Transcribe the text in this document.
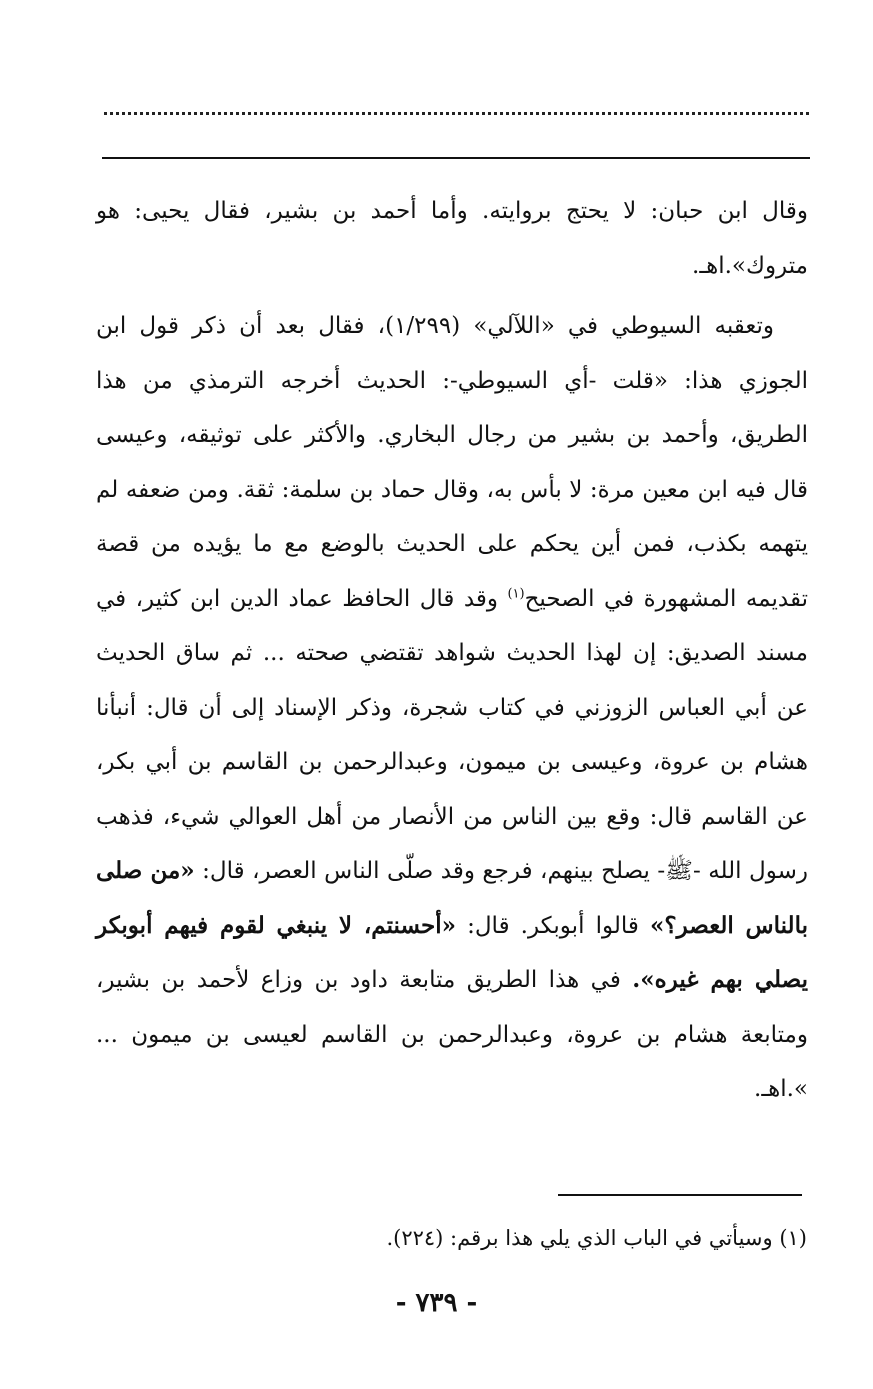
وقال ابن حبان: لا يحتج بروايته. وأما أحمد بن بشير، فقال يحيى: هو متروك».اهـ.

وتعقبه السيوطي في «اللآلي» (١/٢٩٩)، فقال بعد أن ذكر قول ابن الجوزي هذا: «قلت -أي السيوطي-: الحديث أخرجه الترمذي من هذا الطريق، وأحمد بن بشير من رجال البخاري. والأكثر على توثيقه، وعيسى قال فيه ابن معين مرة: لا بأس به، وقال حماد بن سلمة: ثقة. ومن ضعفه لم يتهمه بكذب، فمن أين يحكم على الحديث بالوضع مع ما يؤيده من قصة تقديمه المشهورة في الصحيح$^{(١)}$ وقد قال الحافظ عماد الدين ابن كثير، في مسند الصديق: إن لهذا الحديث شواهد تقتضي صحته ... ثم ساق الحديث عن أبي العباس الزوزني في كتاب شجرة، وذكر الإسناد إلى أن قال: أنبأنا هشام بن عروة، وعيسى بن ميمون، وعبدالرحمن بن القاسم بن أبي بكر، عن القاسم قال: وقع بين الناس من الأنصار من أهل العوالي شيء، فذهب رسول الله -ﷺ- يصلح بينهم، فرجع وقد صلّى الناس العصر، قال: «من صلى بالناس العصر؟» قالوا أبوبكر. قال: «أحسنتم، لا ينبغي لقوم فيهم أبوبكر يصلي بهم غيره». في هذا الطريق متابعة داود بن وزاع لأحمد بن بشير، ومتابعة هشام بن عروة، وعبدالرحمن بن القاسم لعيسى بن ميمون ... ».اهـ.

(١) وسيأتي في الباب الذي يلي هذا برقم: (٢٢٤).
- ٧٣٩ -
